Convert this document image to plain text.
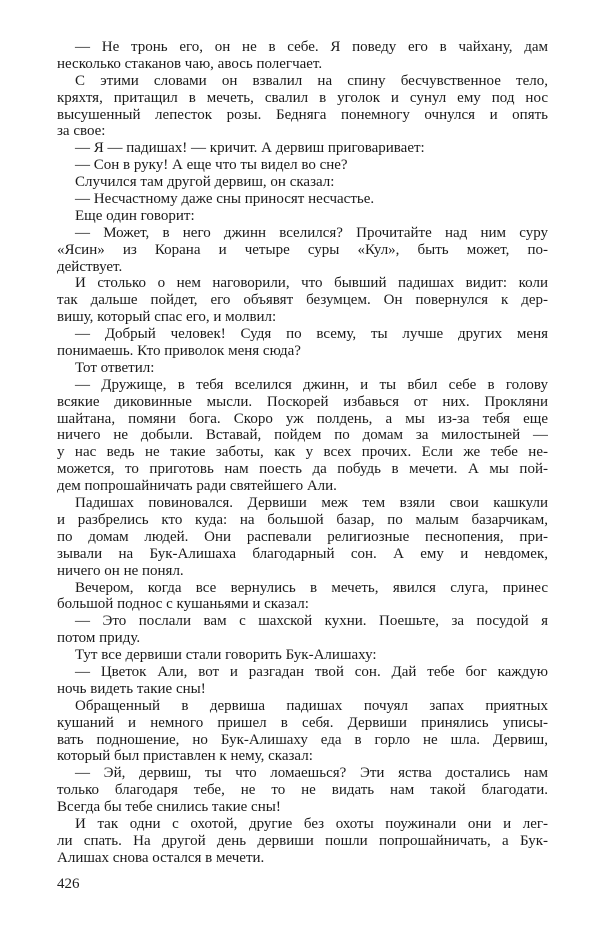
— Не тронь его, он не в себе. Я поведу его в чайхану, дам
несколько стаканов чаю, авось полегчает.
С этими словами он взвалил на спину бесчувственное тело,
кряхтя, притащил в мечеть, свалил в уголок и сунул ему под нос
высушенный лепесток розы. Бедняга понемногу очнулся и опять
за свое:
— Я — падишах! — кричит. А дервиш приговаривает:
— Сон в руку! А еще что ты видел во сне?
Случился там другой дервиш, он сказал:
— Несчастному даже сны приносят несчастье.
Еще один говорит:
— Может, в него джинн вселился? Прочитайте над ним суру
«Ясин» из Корана и четыре суры «Кул», быть может, по-
действует.
И столько о нем наговорили, что бывший падишах видит: коли
так дальше пойдет, его объявят безумцем. Он повернулся к дер-
вишу, который спас его, и молвил:
— Добрый человек! Судя по всему, ты лучше других меня
понимаешь. Кто приволок меня сюда?
Тот ответил:
— Дружище, в тебя вселился джинн, и ты вбил себе в голову
всякие диковинные мысли. Поскорей избавься от них. Прокляни
шайтана, помяни бога. Скоро уж полдень, а мы из-за тебя еще
ничего не добыли. Вставай, пойдем по домам за милостыней —
у нас ведь не такие заботы, как у всех прочих. Если же тебе не-
можется, то приготовь нам поесть да побудь в мечети. А мы пой-
дем попрошайничать ради святейшего Али.
Падишах повиновался. Дервиши меж тем взяли свои кашкули
и разбрелись кто куда: на большой базар, по малым базарчикам,
по домам людей. Они распевали религиозные песнопения, при-
зывали на Бук-Алишаха благодарный сон. А ему и невдомек,
ничего он не понял.
Вечером, когда все вернулись в мечеть, явился слуга, принес
большой поднос с кушаньями и сказал:
— Это послали вам с шахской кухни. Поешьте, за посудой я
потом приду.
Тут все дервиши стали говорить Бук-Алишаху:
— Цветок Али, вот и разгадан твой сон. Дай тебе бог каждую
ночь видеть такие сны!
Обращенный в дервиша падишах почуял запах приятных
кушаний и немного пришел в себя. Дервиши принялись уписы-
вать подношение, но Бук-Алишаху еда в горло не шла. Дервиш,
который был приставлен к нему, сказал:
— Эй, дервиш, ты что ломаешься? Эти яства достались нам
только благодаря тебе, не то не видать нам такой благодати.
Всегда бы тебе снились такие сны!
И так одни с охотой, другие без охоты поужинали они и лег-
ли спать. На другой день дервиши пошли попрошайничать, а Бук-
Алишах снова остался в мечети.
426
